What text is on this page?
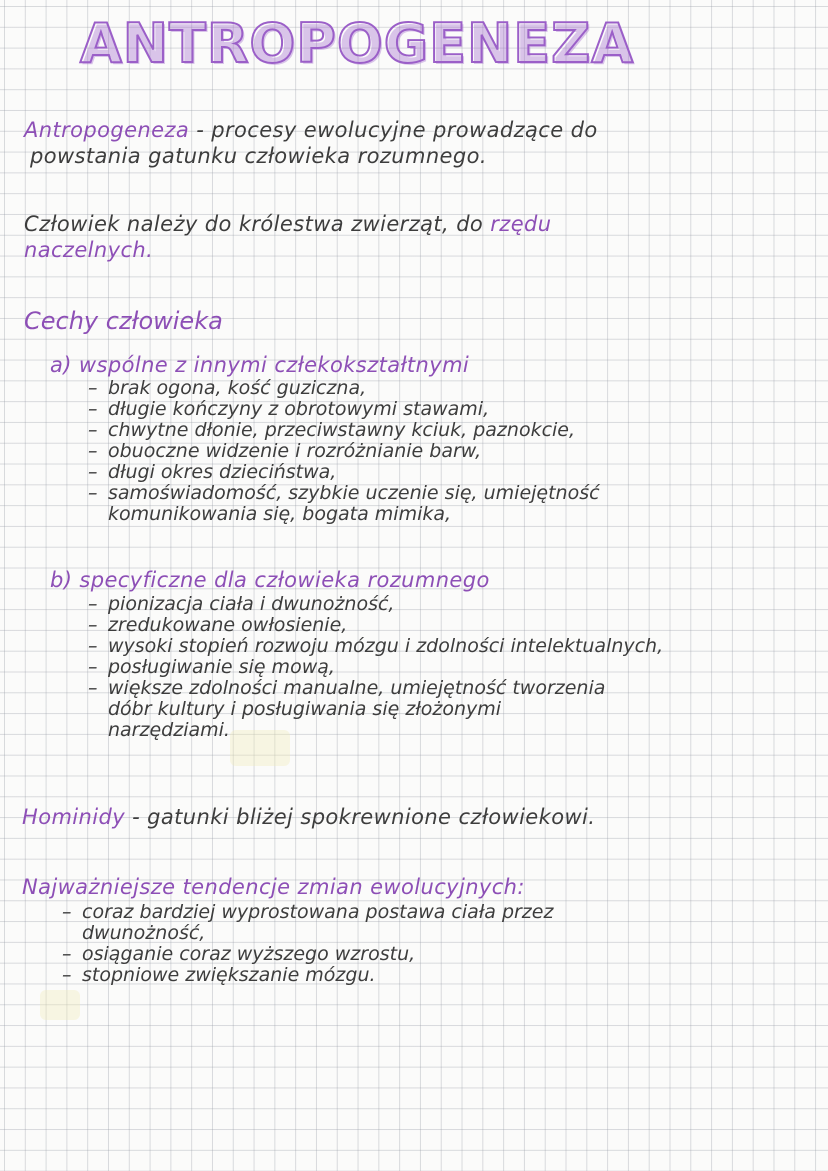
ANTROPOGENEZA
Antropogeneza - procesy ewolucyjne prowadzące do
powstania gatunku człowieka rozumnego.
Człowiek należy do królestwa zwierząt, do rzędu
naczelnych.
Cechy człowieka
a) wspólne z innymi człekokształtnymi
– brak ogona, kość guziczna,
– długie kończyny z obrotowymi stawami,
– chwytne dłonie, przeciwstawny kciuk, paznokcie,
– obuoczne widzenie i rozróżnianie barw,
– długi okres dzieciństwa,
– samoświadomość, szybkie uczenie się, umiejętność
komunikowania się, bogata mimika,
b) specyficzne dla człowieka rozumnego
– pionizacja ciała i dwunożność,
– zredukowane owłosienie,
– wysoki stopień rozwoju mózgu i zdolności intelektualnych,
– posługiwanie się mową,
– większe zdolności manualne, umiejętność tworzenia
dóbr kultury i posługiwania się złożonymi
narzędziami.
Hominidy - gatunki bliżej spokrewnione człowiekowi.
Najważniejsze tendencje zmian ewolucyjnych:
– coraz bardziej wyprostowana postawa ciała przez
dwunożność,
– osiąganie coraz wyższego wzrostu,
– stopniowe zwiększanie mózgu.
